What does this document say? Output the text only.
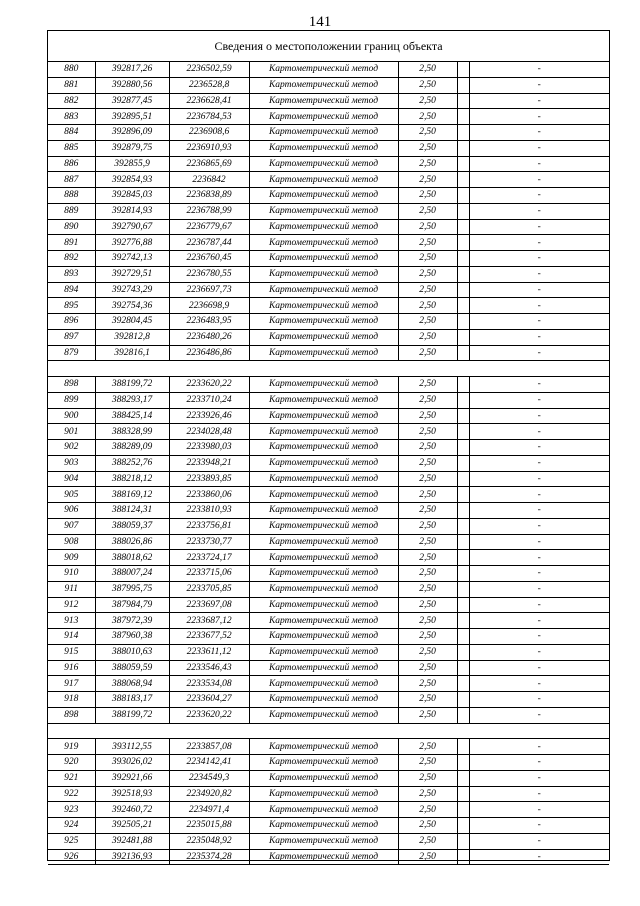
141
Сведения о местоположении границ объекта
880	392817,26	2236502,59	Картометрический метод	2,50		-
881	392880,56	2236528,8	Картометрический метод	2,50		-
882	392877,45	2236628,41	Картометрический метод	2,50		-
883	392895,51	2236784,53	Картометрический метод	2,50		-
884	392896,09	2236908,6	Картометрический метод	2,50		-
885	392879,75	2236910,93	Картометрический метод	2,50		-
886	392855,9	2236865,69	Картометрический метод	2,50		-
887	392854,93	2236842	Картометрический метод	2,50		-
888	392845,03	2236838,89	Картометрический метод	2,50		-
889	392814,93	2236788,99	Картометрический метод	2,50		-
890	392790,67	2236779,67	Картометрический метод	2,50		-
891	392776,88	2236787,44	Картометрический метод	2,50		-
892	392742,13	2236760,45	Картометрический метод	2,50		-
893	392729,51	2236780,55	Картометрический метод	2,50		-
894	392743,29	2236697,73	Картометрический метод	2,50		-
895	392754,36	2236698,9	Картометрический метод	2,50		-
896	392804,45	2236483,95	Картометрический метод	2,50		-
897	392812,8	2236480,26	Картометрический метод	2,50		-
879	392816,1	2236486,86	Картометрический метод	2,50		-

898	388199,72	2233620,22	Картометрический метод	2,50		-
899	388293,17	2233710,24	Картометрический метод	2,50		-
900	388425,14	2233926,46	Картометрический метод	2,50		-
901	388328,99	2234028,48	Картометрический метод	2,50		-
902	388289,09	2233980,03	Картометрический метод	2,50		-
903	388252,76	2233948,21	Картометрический метод	2,50		-
904	388218,12	2233893,85	Картометрический метод	2,50		-
905	388169,12	2233860,06	Картометрический метод	2,50		-
906	388124,31	2233810,93	Картометрический метод	2,50		-
907	388059,37	2233756,81	Картометрический метод	2,50		-
908	388026,86	2233730,77	Картометрический метод	2,50		-
909	388018,62	2233724,17	Картометрический метод	2,50		-
910	388007,24	2233715,06	Картометрический метод	2,50		-
911	387995,75	2233705,85	Картометрический метод	2,50		-
912	387984,79	2233697,08	Картометрический метод	2,50		-
913	387972,39	2233687,12	Картометрический метод	2,50		-
914	387960,38	2233677,52	Картометрический метод	2,50		-
915	388010,63	2233611,12	Картометрический метод	2,50		-
916	388059,59	2233546,43	Картометрический метод	2,50		-
917	388068,94	2233534,08	Картометрический метод	2,50		-
918	388183,17	2233604,27	Картометрический метод	2,50		-
898	388199,72	2233620,22	Картометрический метод	2,50		-

919	393112,55	2233857,08	Картометрический метод	2,50		-
920	393026,02	2234142,41	Картометрический метод	2,50		-
921	392921,66	2234549,3	Картометрический метод	2,50		-
922	392518,93	2234920,82	Картометрический метод	2,50		-
923	392460,72	2234971,4	Картометрический метод	2,50		-
924	392505,21	2235015,88	Картометрический метод	2,50		-
925	392481,88	2235048,92	Картометрический метод	2,50		-
926	392136,93	2235374,28	Картометрический метод	2,50		-
